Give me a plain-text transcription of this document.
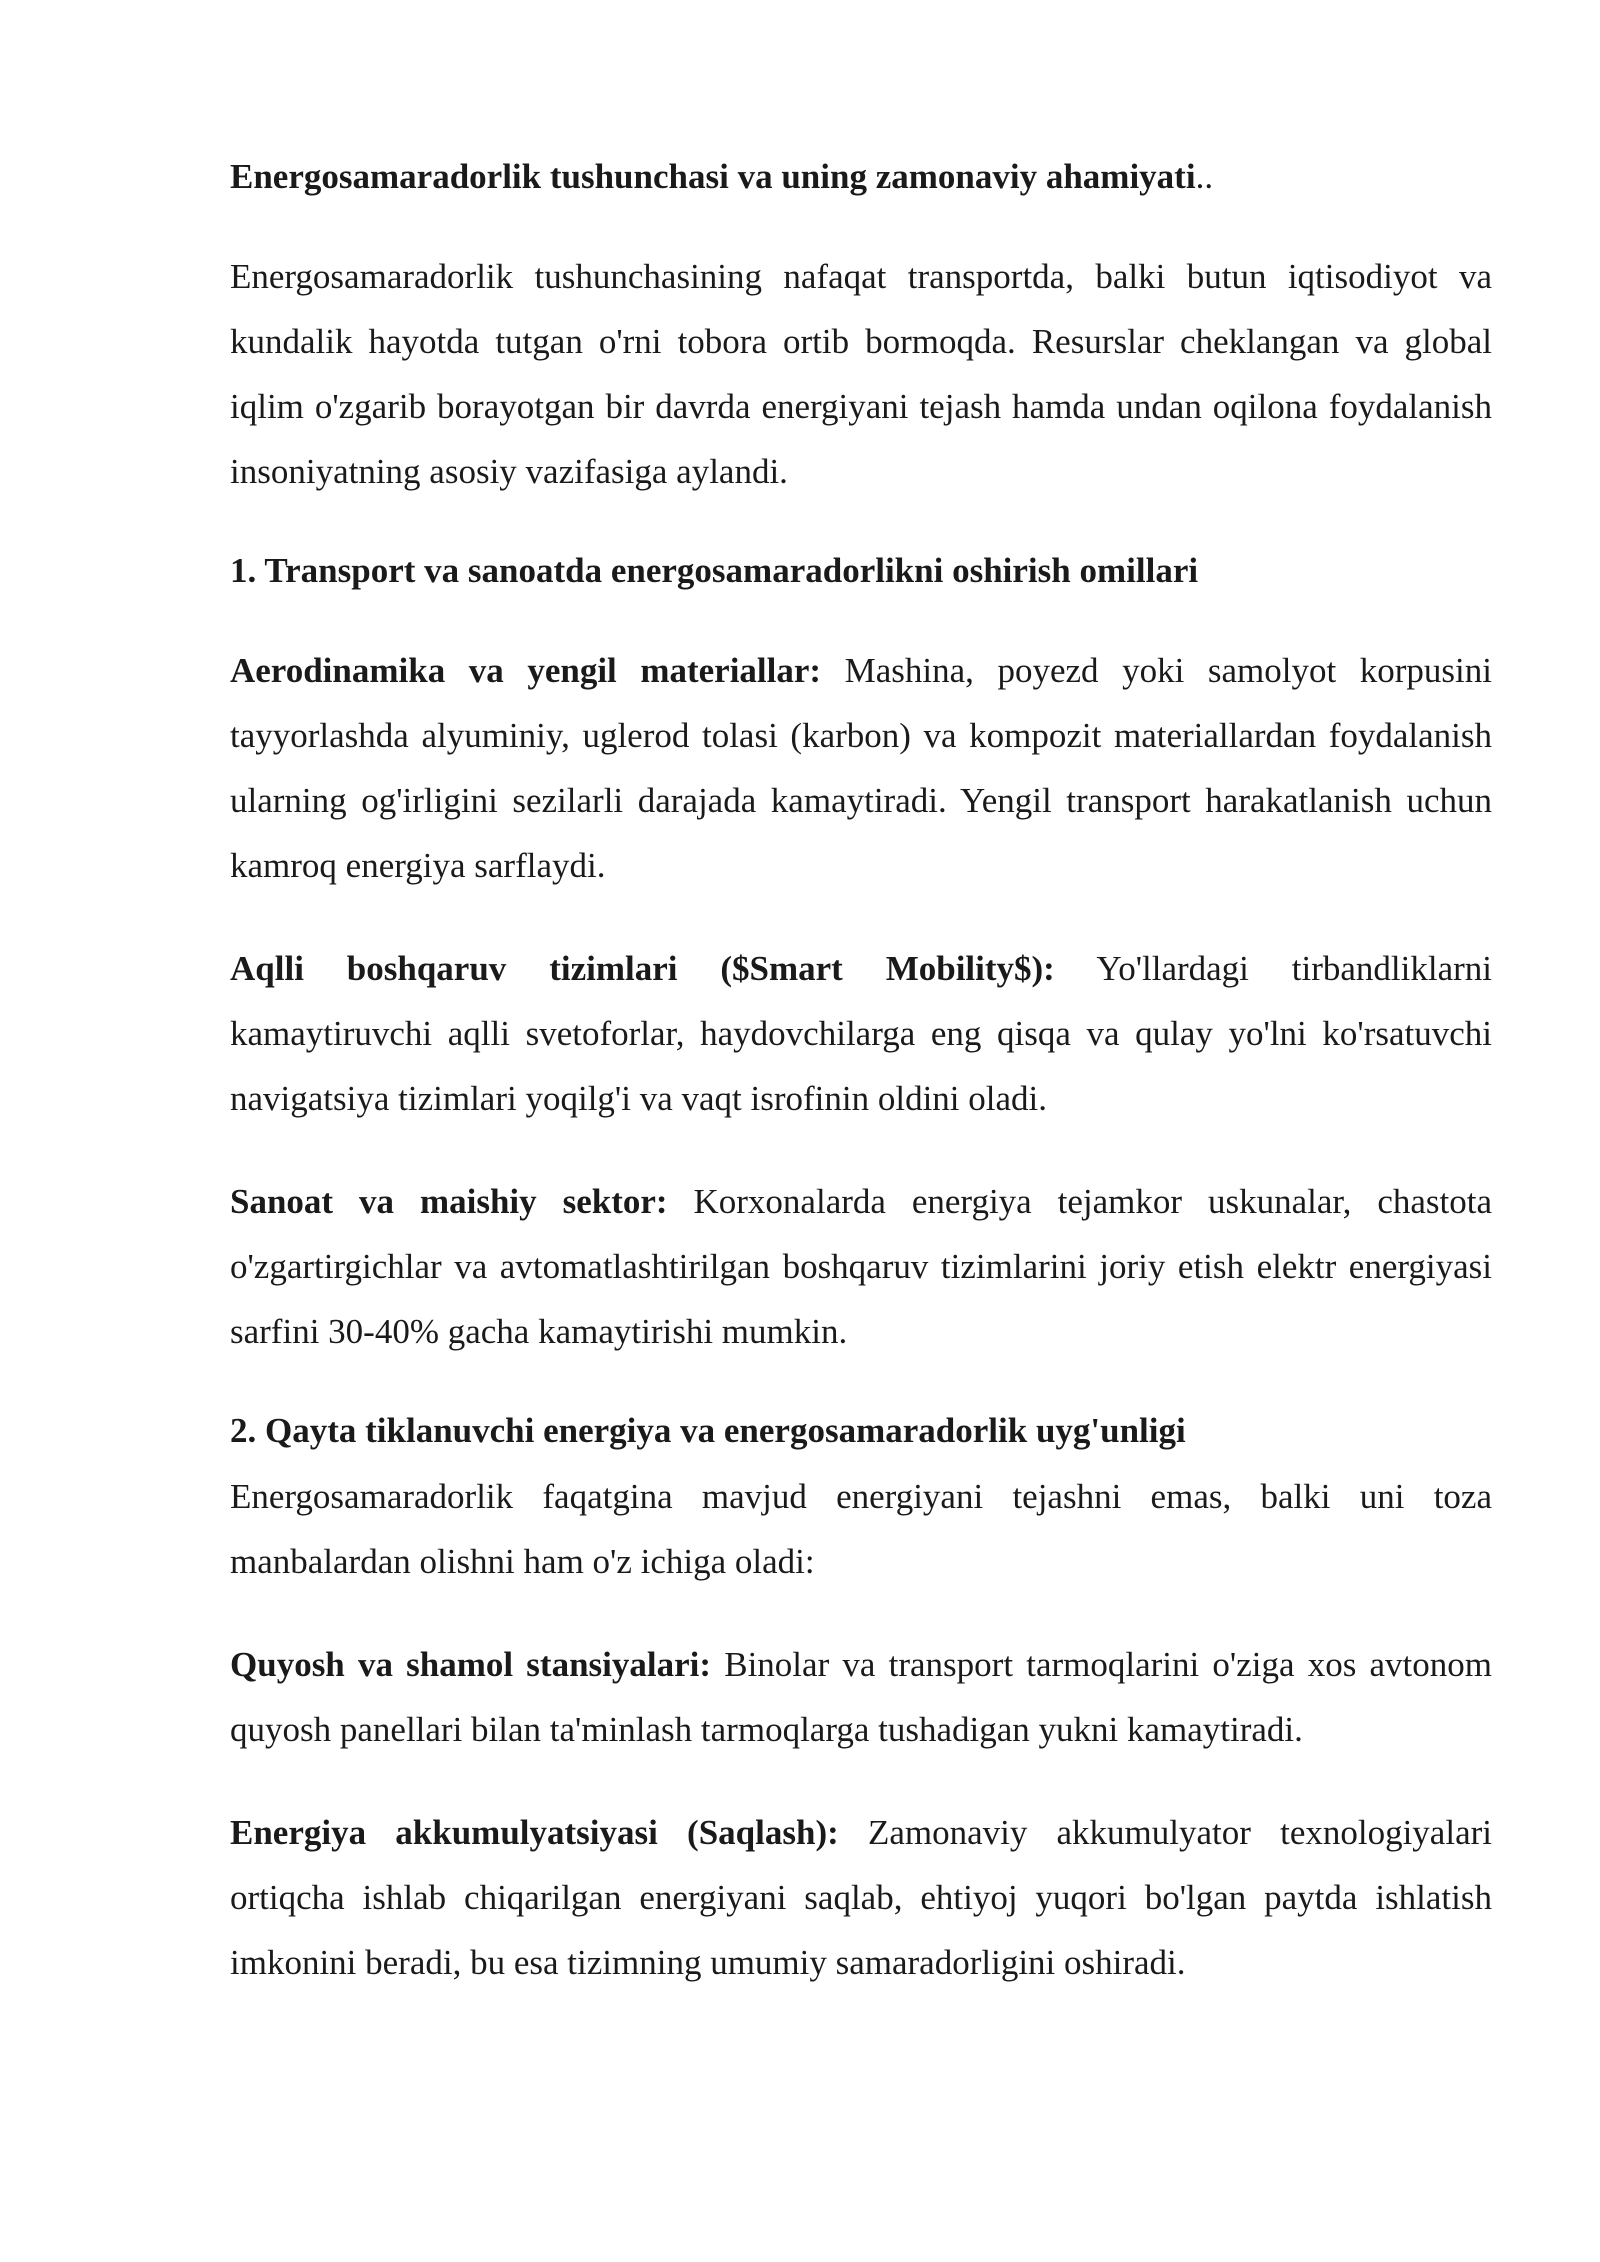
Energosamaradorlik tushunchasi va uning zamonaviy ahamiyati..

Energosamaradorlik tushunchasining nafaqat transportda, balki butun iqtisodiyot va kundalik hayotda tutgan o'rni tobora ortib bormoqda. Resurslar cheklangan va global iqlim o'zgarib borayotgan bir davrda energiyani tejash hamda undan oqilona foydalanish insoniyatning asosiy vazifasiga aylandi.

1. Transport va sanoatda energosamaradorlikni oshirish omillari

Aerodinamika va yengil materiallar: Mashina, poyezd yoki samolyot korpusini tayyorlashda alyuminiy, uglerod tolasi (karbon) va kompozit materiallardan foydalanish ularning og'irligini sezilarli darajada kamaytiradi. Yengil transport harakatlanish uchun kamroq energiya sarflaydi.

Aqlli boshqaruv tizimlari ($Smart Mobility$): Yo'llardagi tirbandliklarni kamaytiruvchi aqlli svetoforlar, haydovchilarga eng qisqa va qulay yo'lni ko'rsatuvchi navigatsiya tizimlari yoqilg'i va vaqt isrofinin oldini oladi.

Sanoat va maishiy sektor: Korxonalarda energiya tejamkor uskunalar, chastota o'zgartirgichlar va avtomatlashtirilgan boshqaruv tizimlarini joriy etish elektr energiyasi sarfini 30-40% gacha kamaytirishi mumkin.

2. Qayta tiklanuvchi energiya va energosamaradorlik uyg'unligi

Energosamaradorlik faqatgina mavjud energiyani tejashni emas, balki uni toza manbalardan olishni ham o'z ichiga oladi:

Quyosh va shamol stansiyalari: Binolar va transport tarmoqlarini o'ziga xos avtonom quyosh panellari bilan ta'minlash tarmoqlarga tushadigan yukni kamaytiradi.

Energiya akkumulyatsiyasi (Saqlash): Zamonaviy akkumulyator texnologiyalari ortiqcha ishlab chiqarilgan energiyani saqlab, ehtiyoj yuqori bo'lgan paytda ishlatish imkonini beradi, bu esa tizimning umumiy samaradorligini oshiradi.
